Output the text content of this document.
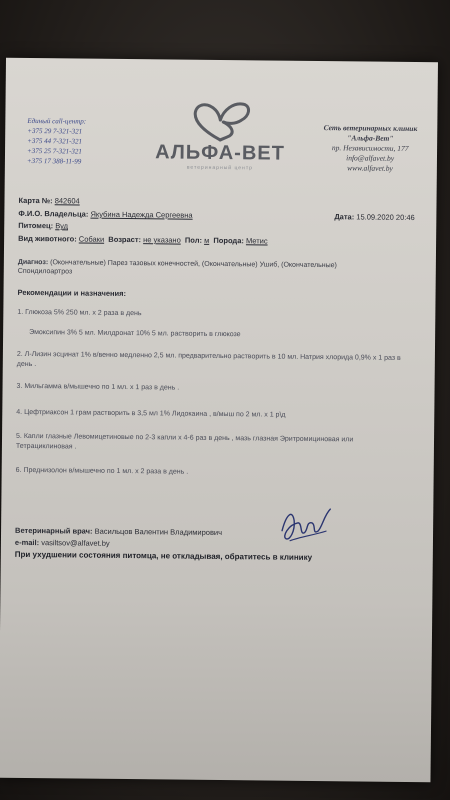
Единый call-центр:
+375 29 7-321-321
+375 44 7-321-321
+375 25 7-321-321
+375 17 388-11-99	АЛЬФА-ВЕТ
ветеринарный центр
Сеть ветеринарных клиник
"Альфа-Вет"
пр. Независимости, 177
info@alfavet.by
www.alfavet.by
Карта №: 842604
Ф.И.О. Владельца: Якубина Надежда Сергеевна	Дата: 15.09.2020 20:46
Питомец: Вуд
Вид животного: Собаки Возраст: не указано Пол: м Порода: Метис
Диагноз: (Окончательные) Парез тазовых конечностей, (Окончательные) Ушиб, (Окончательные)
Спондилоартроз
Рекомендации и назначения:
1. Глюкоза 5% 250 мл. х 2 раза в день
Эмоксипин 3% 5 мл. Милдронат 10% 5 мл. растворить в глюкозе
2. Л-Лизин эсцинат 1% в/венно медленно 2,5 мл. предварительно растворить в 10 мл. Натрия хлорида 0,9% х 1 раз в день .
3. Мильгамма в/мышечно по 1 мл. х 1 раз в день .
4. Цефтриаксон 1 грам растворить в 3,5 мл 1% Лидокаина , в/мыш по 2 мл. х 1 р\д
5. Капли глазные Левомицетиновые по 2-3 капли х 4-6 раз в день , мазь глазная Эритромициновая или Тетрациклиновая .
6. Преднизолон в/мышечно по 1 мл. х 2 раза в день .
Ветеринарный врач: Васильцов Валентин Владимирович
e-mail: vasiltsov@alfavet.by
При ухудшении состояния питомца, не откладывая, обратитесь в клинику
